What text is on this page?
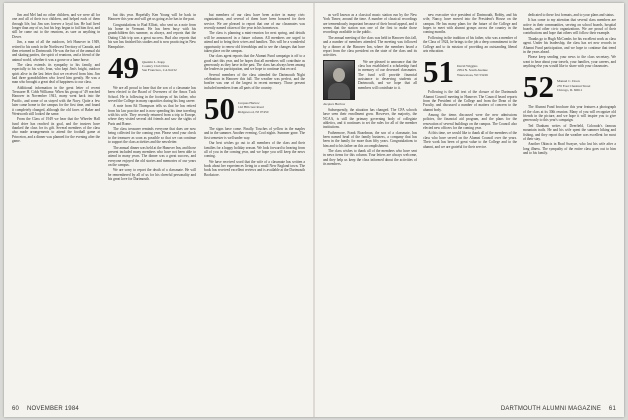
Jim and Mel had no other children, and we were all for one and all of their two children, and helped each of them through life, but Jim was forever a loyal fan. He had lived longer than any of us, but his legs began to fail him first, and still he came out to the reunions, as sure as anything in Dover.

Jim, a man of all the outdoors, left Hanover in 1949, retired to his ranch in the Northwest Territory of Canada, and then returned to Dartmouth. He was the fun of the annual ski and skating parties, the spirit of reunions, and a friend of the animal world, whether it was a goose or a lame horse.

The class extends its sympathy to his family, and especially to his wife, Jean, who kept Jim's bright, outdoor spirit alive in the last letter that we received from him. Jim had three grandchildren who loved him greatly. He was a man who brought a great deal of happiness to our class.

Additional information in the great letter of recent Treasurer H. Cobb Williams: When his group of '49 reached Hanover in November 1941, many went back into the Pacific, and some of us stayed with the Navy. Quite a few later came home to the campus for the first time, and found it completely changed, although the old faces of Baker and Wentworth still looked the same.

From the Class of 1949 we hear that the Wheeler Hall fund drive has reached its goal, and the trustees have thanked the class for its gift. Several members of the class also made arrangements to attend the football game at Princeton, and a dinner was planned for the evening after the game.

but this year. Hopefully Ken Young will be back in Hanover this year and will get us going as he has in the past.

Congratulations to Bud Elliott, who sent us a note from his home in Vermont. He has been busy with his grandchildren this summer, as always, and reports that the Outing Club trip was a great success. Bud also reports that his son has finished his studies and is now practicing in New Hampshire.

49 Quentin L. Kapp
Country Club Drive
San Francisco, CA 94132

We are all proud to hear that the son of a classmate has been elected to the Board of Overseers of the Amos Tuck School. He is following in the footsteps of his father, who served the College in many capacities during his long career.

A note from Ed Thompson tells us that he has retired from his law practice and is now spending his time traveling with his wife. They recently returned from a trip to Europe, where they visited several old friends and saw the sights of Paris and Rome.

The class treasurer reminds everyone that dues are now being collected for the coming year. Please send your check to the treasurer as soon as possible so that we can continue to support the class activities and the newsletter.

The annual dinner was held at the Hanover Inn, and those present included many members who have not been able to attend in many years. The dinner was a great success, and everyone enjoyed the old stories and memories of our years on the campus.

We are sorry to report the death of a classmate. He will be remembered by all of us for his cheerful personality and his great love for Dartmouth.

but members of our class have been active in many civic organizations, and several of them have been honored for their service. We are pleased to report that one of our classmates was recently named citizen of the year in his hometown.

The class is planning a mini-reunion for next spring, and details will be announced in a future column. All members are urged to attend and to bring their wives and families. This will be a wonderful opportunity to renew old friendships and to see the changes that have taken place on the campus.

Our class agent reports that the Alumni Fund campaign is off to a good start this year, and he hopes that all members will contribute as generously as they have in the past. The class has always been among the leaders in participation, and we hope to continue that record.

Several members of the class attended the Dartmouth Night celebration in Hanover this fall. The weather was perfect, and the bonfire was one of the largest in recent memory. Those present included members from all parts of the country.

50 Jacques Harlow
142 Hillcrest Road
Ridgewood, NJ 07450

The signs have come. Finally. Touches of yellow in the maples and in the summer. Another evening, Cool nights. Summer gone. The first semester is well under way.

Our best wishes go out to all members of the class and their families for a happy holiday season. We look forward to hearing from all of you in the coming year, and we hope you will keep the news coming.

We have received word that the wife of a classmate has written a book about her experiences living in a small New England town. The book has received excellent reviews and is available at the Dartmouth Bookstore.

60 NOVEMBER 1984

as well known as a classical music station run by the New York Times; around the time. A number of classical recordings are tremendously important because of their broad appeal, and it seems that the station was one of the first to make those recordings available to the public.

The annual meeting of the class was held in Hanover this fall, and a number of members attended. The meeting was followed by a dinner at the Hanover Inn, where the members heard a report from the class president on the state of the class and its activities.

We are pleased to announce that the class has established a scholarship fund in memory of our deceased classmates. The fund will provide financial assistance to deserving students at Dartmouth, and we hope that all members will contribute to it.

Jacques Harlow

Subsequently, the situation has changed. The CFA schools have seen their enrollment grow. However, the majority, the NCAA, is still the primary governing body of collegiate athletics, and it continues to set the rules for all of the member institutions.

Futhermore, Frank Boardman, the son of a classmate, has been named head of the family business, a company that has been in the family for more than fifty years. Congratulations to him and to his father on this accomplishment.

The class wishes to thank all of the members who have sent in news items for this column. Your letters are always welcome, and they help us keep the class informed about the activities of its members.

new executive vice president of Dartmouth, Bobby, and his wife, Nancy, have moved into the President's House on the campus. He has many plans for the future of the College and hopes to meet with alumni groups across the country in the coming months.

Following in the tradition of his father, who was a member of the Class of 1924, he brings to the job a deep commitment to the College and to its mission of providing an outstanding liberal arts education.

51 David Wiggins
2954 N. South Avenue
Wauwatosa, WI 53226

Following is the fall text of the closure of the Dartmouth Alumni Council meeting in Hanover. The Council heard reports from the President of the College and from the Dean of the Faculty, and discussed a number of matters of concern to the alumni body.

Among the items discussed were the new admissions policies, the financial aid program, and the plans for the renovation of several buildings on the campus. The Council also elected new officers for the coming year.

At this time, we would like to thank all of the members of the class who have served on the Alumni Council over the years. Their work has been of great value to the College and to the alumni, and we are grateful for their service.

dedicated to these lost formats, and to your plans and status.

It has come to my attention that several class members are active in their communities, serving on school boards, hospital boards, and other civic organizations. We are proud of their contributions and hope that others will follow their example.

Thanks go to Hugh McCombs for his excellent work as class agent. Under his leadership, the class has set new records in Alumni Fund participation, and we hope to continue that trend in the years ahead.

Please keep sending your news to the class secretary. We want to hear about your travels, your families, your careers, and anything else you would like to share with your classmates.

52 Manuel C. Doon
235 East Chestnut Street
Chicago, IL 60611

The Alumni Fund brochure this year features a photograph of the class at its 30th reunion. Many of you will recognize old friends in the picture, and we hope it will inspire you to give generously to this year's campaign.

Ted Dunham writes of Deerfield, Colorado's famous mountain trails. He and his wife spent the summer hiking and fishing, and they report that the weather was excellent for most of their stay.

Another Okincis in Brad Swayze, who lost his wife after a long illness. The sympathy of the entire class goes out to him and to his family.

DARTMOUTH ALUMNI MAGAZINE 61
